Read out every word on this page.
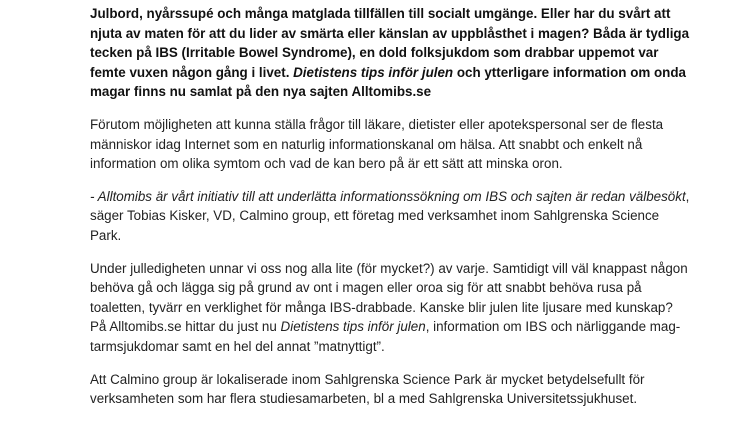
Julbord, nyårssupé och många matglada tillfällen till socialt umgänge. Eller har du svårt att njuta av maten för att du lider av smärta eller känslan av uppblåsthet i magen? Båda är tydliga tecken på IBS (Irritable Bowel Syndrome), en dold folksjukdom som drabbar uppemot var femte vuxen någon gång i livet. Dietistens tips inför julen och ytterligare information om onda magar finns nu samlat på den nya sajten Alltomibs.se

Förutom möjligheten att kunna ställa frågor till läkare, dietister eller apotekspersonal ser de flesta människor idag Internet som en naturlig informationskanal om hälsa. Att snabbt och enkelt nå information om olika symtom och vad de kan bero på är ett sätt att minska oron.

- Alltomibs är vårt initiativ till att underlätta informationssökning om IBS och sajten är redan välbesökt, säger Tobias Kisker, VD, Calmino group, ett företag med verksamhet inom Sahlgrenska Science Park.

Under julledigheten unnar vi oss nog alla lite (för mycket?) av varje. Samtidigt vill väl knappast någon behöva gå och lägga sig på grund av ont i magen eller oroa sig för att snabbt behöva rusa på toaletten, tyvärr en verklighet för många IBS-drabbade. Kanske blir julen lite ljusare med kunskap? På Alltomibs.se hittar du just nu Dietistens tips inför julen, information om IBS och närliggande mag-tarmsjukdomar samt en hel del annat ”matnyttigt”.

Att Calmino group är lokaliserade inom Sahlgrenska Science Park är mycket betydelsefullt för verksamheten som har flera studiesamarbeten, bl a med Sahlgrenska Universitetssjukhuset.
